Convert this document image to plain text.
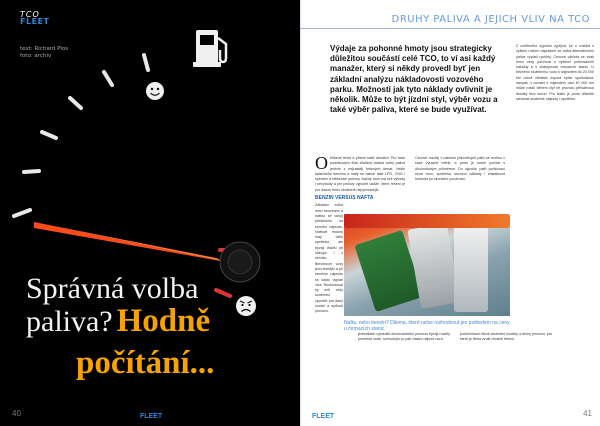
TCO
FLEET
text: Richard Plos
foto: archiv
Správná volba
paliva? Hodně
počítání...
40	FLEET
DRUHY PALIVA A JEJICH VLIV NA TCO
Výdaje za pohonné hmoty jsou strategicky důležitou součástí celé TCO, to ví asi každý manažer, který si někdy provedl byť jen základní analýzu nákladovosti vozového parku. Možností jak tyto náklady ovlivnit je několik. Může to být jízdní styl, výběr vozu a také výběr paliva, které se bude využívat.
Z ověřeného výpočtu vyplývá, že u vozidla s vyšším ročním nájezdem se volba alternativního paliva vyplatí rychleji. Cenová výhoda se však musí vždy porovnat s vyššími pořizovacími náklady a s dostupností čerpacích stanic. U běžného služebního vozu s nájezdem do 20 000 km ročně zůstává úspora spíše symbolická, naopak u vozidel s nájezdem nad 40 000 km může rozdíl během čtyř let provozu přesáhnout desítky tisíc korun. Pro flotilu je proto důležité sledovat skutečné nájezdy i spotřebu.
O blíbené téma a přitom stále aktuální. Pro řadu podnikových flotil zůstává otázka volby paliva jedním z nejčastěji řešených témat. Vedle klasického benzinu a nafty se nabízí také LPG, CNG i hybridní a elektrické pohony. Každý druh má své výhody i nevýhody a jen pečlivý výpočet ukáže, které řešení je pro danou firmu skutečně nejvýhodnější.
BENZIN VERSUS NAFTA
Základní volba mezi benzinem a naftou se odvíjí především od ročního nájezdu. Naftové motory mají nižší spotřebu, ale bývají dražší při nákupu i v servisu. Benzinové vozy jsou levnější a při menším nájezdu se často vyplatí více. Rozhodnout by měl vždy konkrétní výpočet pro daný model a způsob provozu.
Cenové rozdíly v nabídce jednotlivých paliv se mohou v čase výrazně měnit, a proto je nutné počítat s dlouhodobým průměrem. Do výpočtu patří pořizovací cena vozu, spotřeba, servisní náklady i zůstatková hodnota po skončení používání.
Nafta, nebo benzin? Dilema, které nelze rozhodnout jen pohledem na ceny u čerpacích stanic.
jednotkách výsledků dlouhodobého provozu bývají rozdíly poměrně malé, rozhodující je pak vlastní nájezd vozu.
podmínkami různé konkrétní modely a druhy provozu, pro které je třeba zvolit vhodné řešení.
FLEET	41
